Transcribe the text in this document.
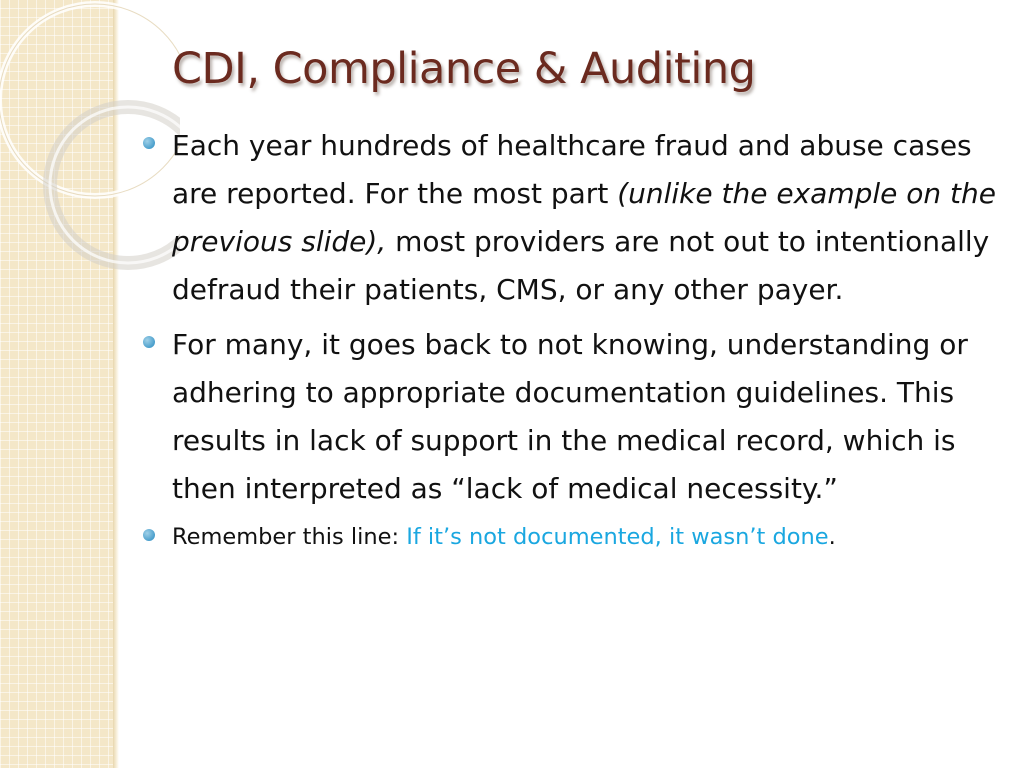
CDI, Compliance & Auditing
Each year hundreds of healthcare fraud and abuse cases are reported. For the most part (unlike the example on the previous slide), most providers are not out to intentionally defraud their patients, CMS, or any other payer.
For many, it goes back to not knowing, understanding or adhering to appropriate documentation guidelines. This results in lack of support in the medical record, which is then interpreted as “lack of medical necessity.”
Remember this line: If it’s not documented, it wasn’t done.
